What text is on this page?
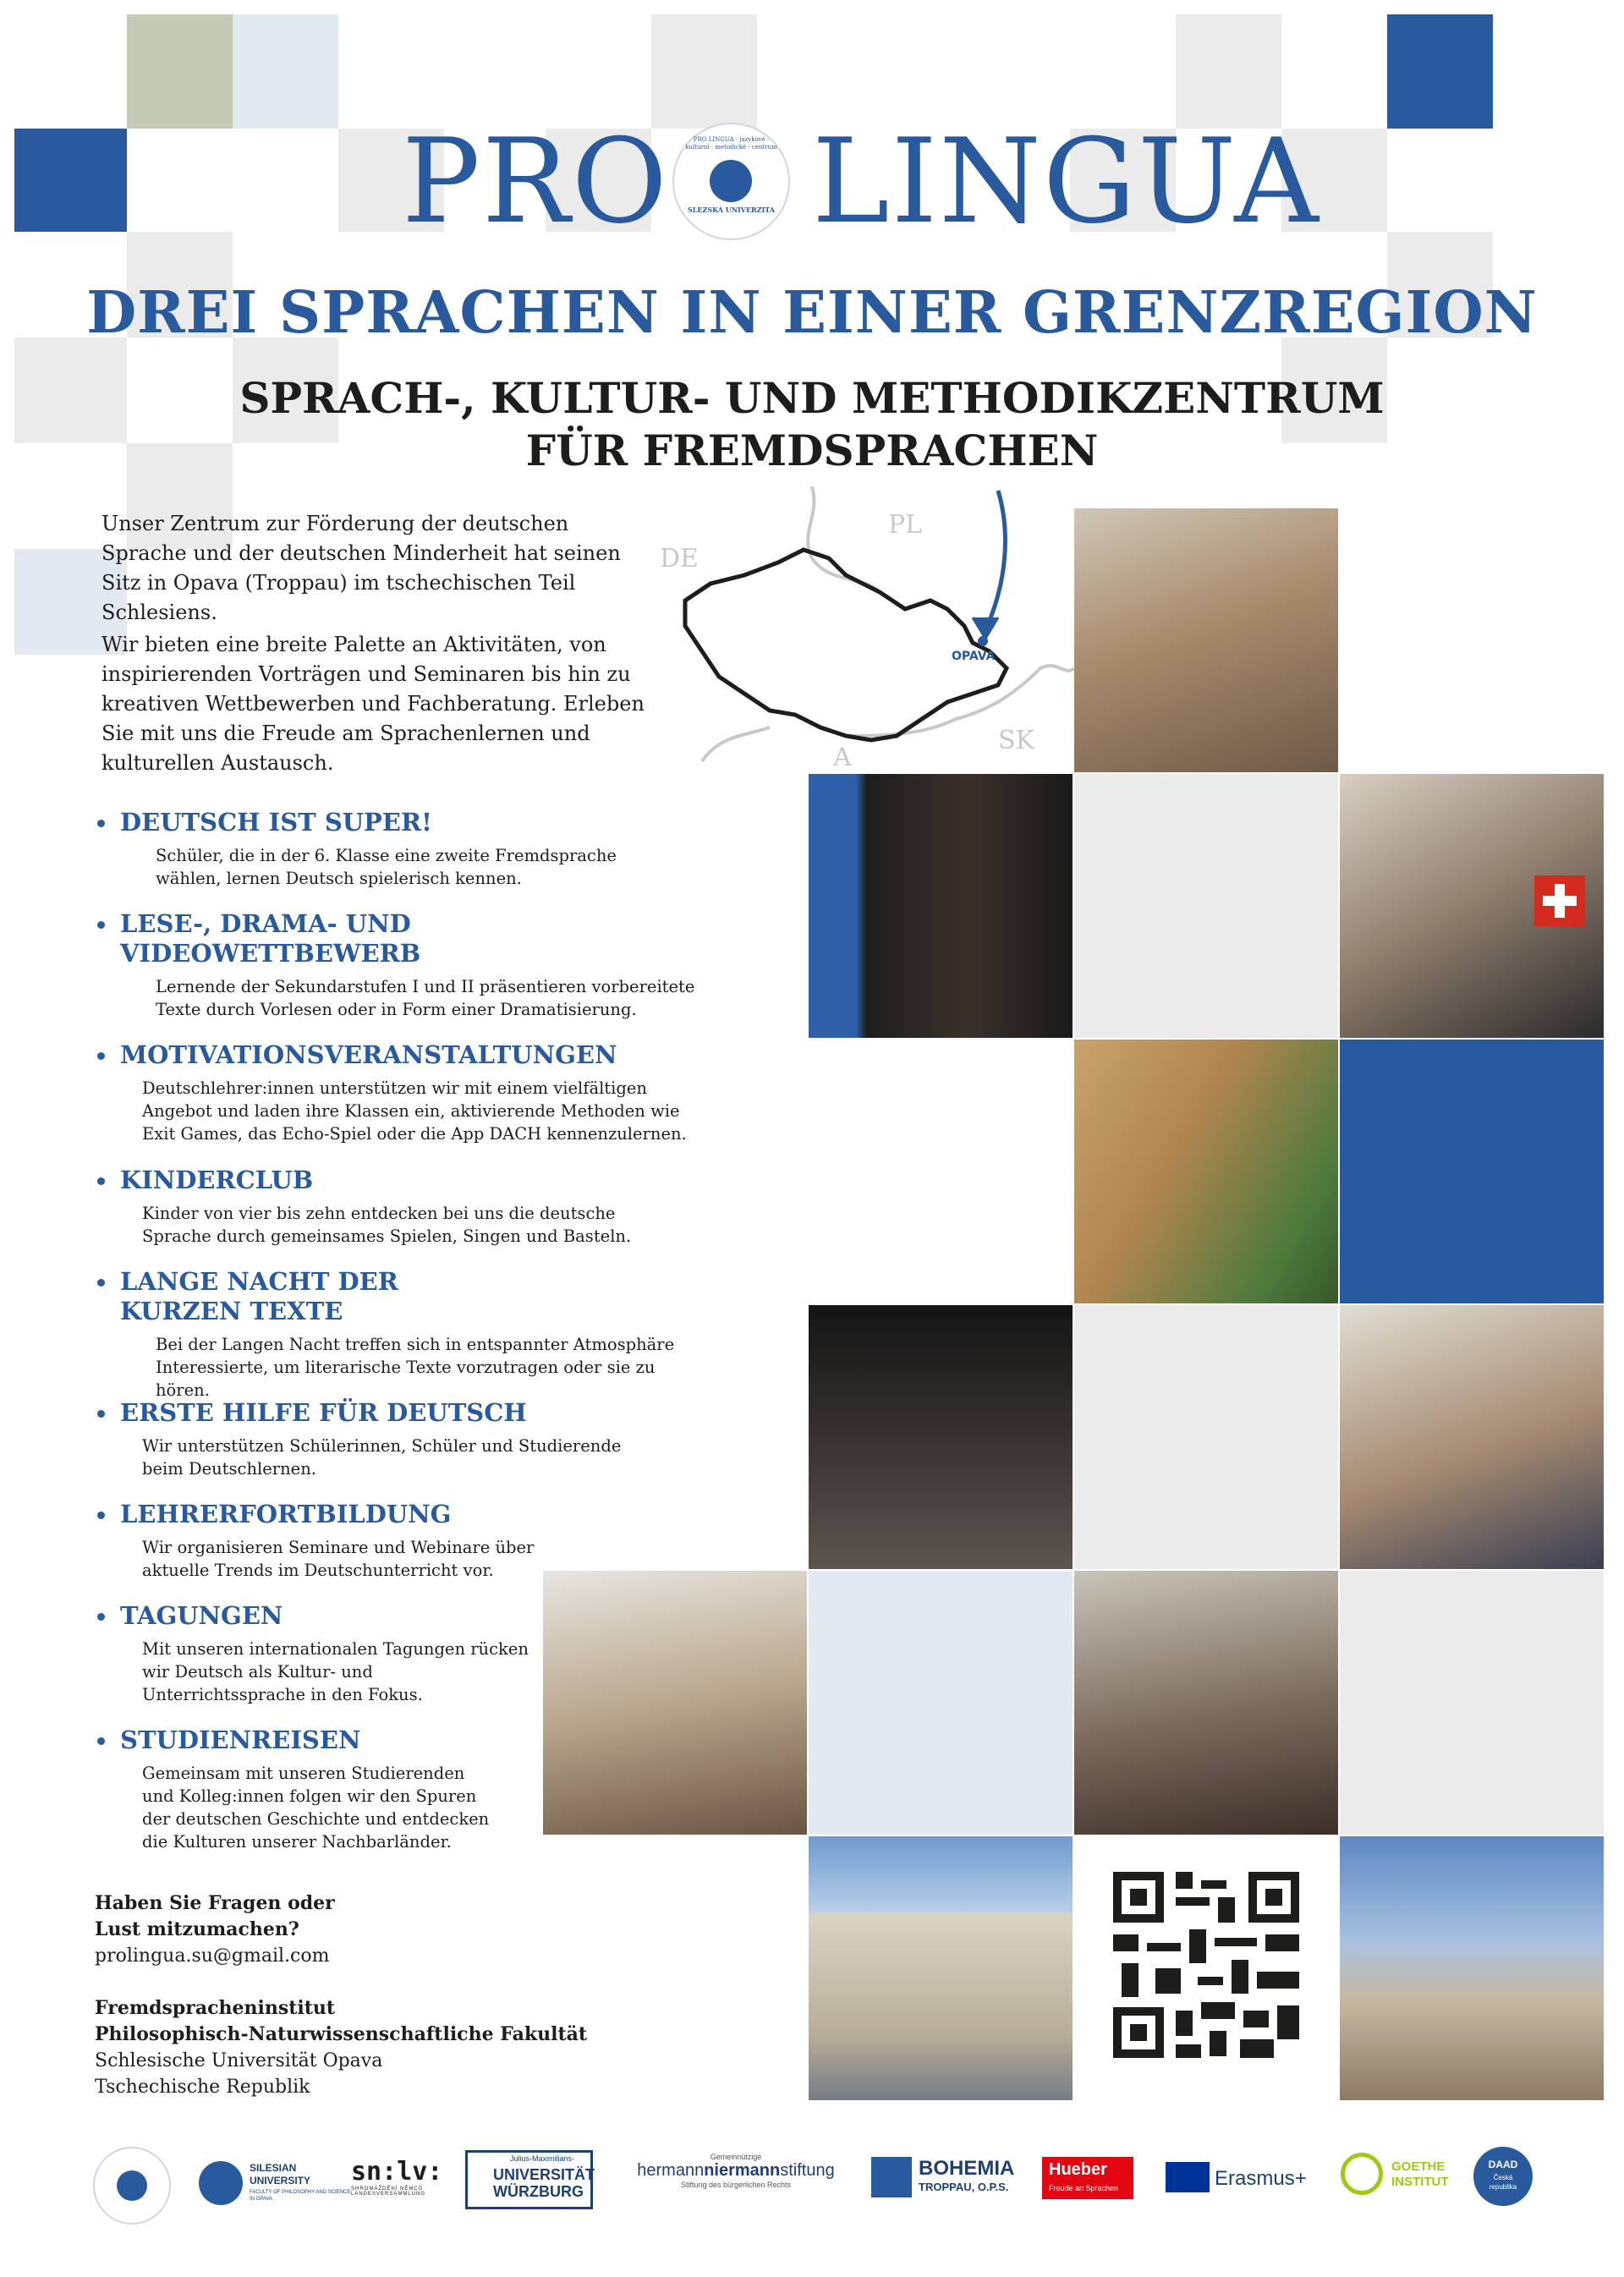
PRO	SLEZSKÁ UNIVERZITA
PRO LINGUA · jazykové · kulturní · metodické · centrum LINGUA
DREI SPRACHEN IN EINER GRENZREGION
SPRACH-, KULTUR- UND METHODIKZENTRUM
FÜR FREMDSPRACHEN
Unser Zentrum zur Förderung der deutschen Sprache und der deutschen Minderheit hat seinen Sitz in Opava (Troppau) im tschechischen Teil Schlesiens.
Wir bieten eine breite Palette an Aktivitäten, von inspirierenden Vorträgen und Seminaren bis hin zu kreativen Wettbewerben und Fachberatung. Erleben Sie mit uns die Freude am Sprachenlernen und kulturellen Austausch.
PL
DE
SK
A
OPAVA
DEUTSCH IST SUPER!

Schüler, die in der 6. Klasse eine zweite Fremdsprache wählen, lernen Deutsch spielerisch kennen.

LESE-, DRAMA- UND VIDEOWETTBEWERB

Lernende der Sekundarstufen I und II präsentieren vorbereitete Texte durch Vorlesen oder in Form einer Dramatisierung.

MOTIVATIONSVERANSTALTUNGEN

Deutschlehrer:innen unterstützen wir mit einem vielfältigen Angebot und laden ihre Klassen ein, aktivierende Methoden wie Exit Games, das Echo-Spiel oder die App DACH kennenzulernen.

KINDERCLUB

Kinder von vier bis zehn entdecken bei uns die deutsche Sprache durch gemeinsames Spielen, Singen und Basteln.

LANGE NACHT DER KURZEN TEXTE

Bei der Langen Nacht treffen sich in entspannter Atmosphäre Interessierte, um literarische Texte vorzutragen oder sie zu hören.

ERSTE HILFE FÜR DEUTSCH

Wir unterstützen Schülerinnen, Schüler und Studierende beim Deutschlernen.

LEHRERFORTBILDUNG

Wir organisieren Seminare und Webinare über aktuelle Trends im Deutschunterricht vor.

TAGUNGEN

Mit unseren internationalen Tagungen rücken wir Deutsch als Kultur- und Unterrichtssprache in den Fokus.

STUDIENREISEN

Gemeinsam mit unseren Studierenden und Kolleg:innen folgen wir den Spuren der deutschen Geschichte und entdecken die Kulturen unserer Nachbarländer.

Haben Sie Fragen oder
Lust mitzumachen?
prolingua.su@gmail.com
Fremdspracheninstitut
Philosophisch-Naturwissenschaftliche Fakultät
Schlesische Universität Opava
Tschechische Republik
SILESIAN
UNIVERSITY
FACULTY OF PHILOSOPHY AND SCIENCE IN OPAVA
sn:lv:
SHROMÁŽDĚNÍ NĚMCŮ
LANDESVERSAMMLUNG
Julius-Maximilians-
UNIVERSITÄT
WÜRZBURG
Gemeinnützige
hermannniermannstiftung
Stiftung des bürgerlichen Rechts
BOHEMIA
TROPPAU, O.P.S.
Hueber
Freude an Sprachen	Erasmus+
GOETHE
INSTITUT
DAAD
Česká
republika
